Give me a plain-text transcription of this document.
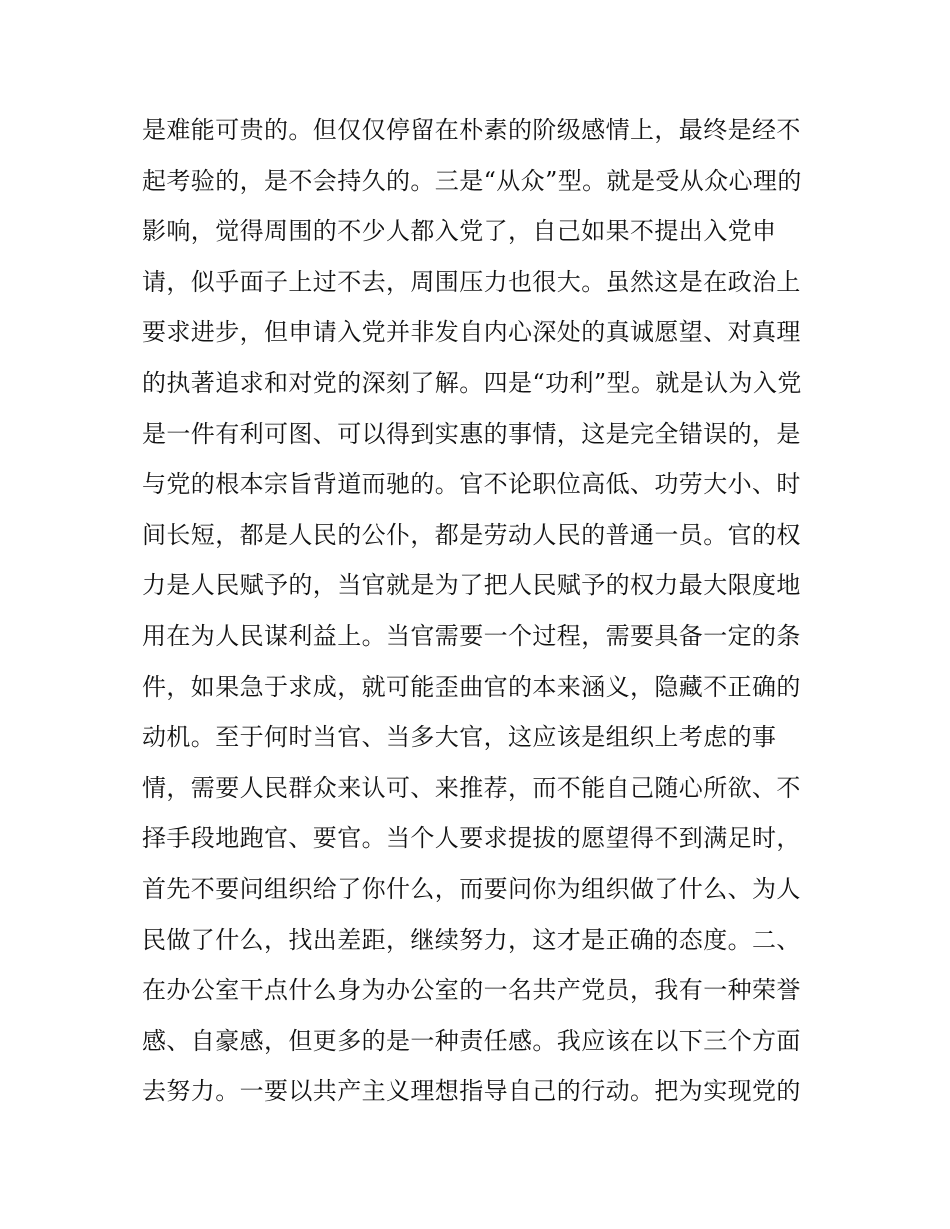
是难能可贵的。但仅仅停留在朴素的阶级感情上，最终是经不
起考验的，是不会持久的。三是“从众”型。就是受从众心理的
影响，觉得周围的不少人都入党了，自己如果不提出入党申
请，似乎面子上过不去，周围压力也很大。虽然这是在政治上
要求进步，但申请入党并非发自内心深处的真诚愿望、对真理
的执著追求和对党的深刻了解。四是“功利”型。就是认为入党
是一件有利可图、可以得到实惠的事情，这是完全错误的，是
与党的根本宗旨背道而驰的。官不论职位高低、功劳大小、时
间长短，都是人民的公仆，都是劳动人民的普通一员。官的权
力是人民赋予的，当官就是为了把人民赋予的权力最大限度地
用在为人民谋利益上。当官需要一个过程，需要具备一定的条
件，如果急于求成，就可能歪曲官的本来涵义，隐藏不正确的
动机。至于何时当官、当多大官，这应该是组织上考虑的事
情，需要人民群众来认可、来推荐，而不能自己随心所欲、不
择手段地跑官、要官。当个人要求提拔的愿望得不到满足时，
首先不要问组织给了你什么，而要问你为组织做了什么、为人
民做了什么，找出差距，继续努力，这才是正确的态度。二、
在办公室干点什么身为办公室的一名共产党员，我有一种荣誉
感、自豪感，但更多的是一种责任感。我应该在以下三个方面
去努力。一要以共产主义理想指导自己的行动。把为实现党的
